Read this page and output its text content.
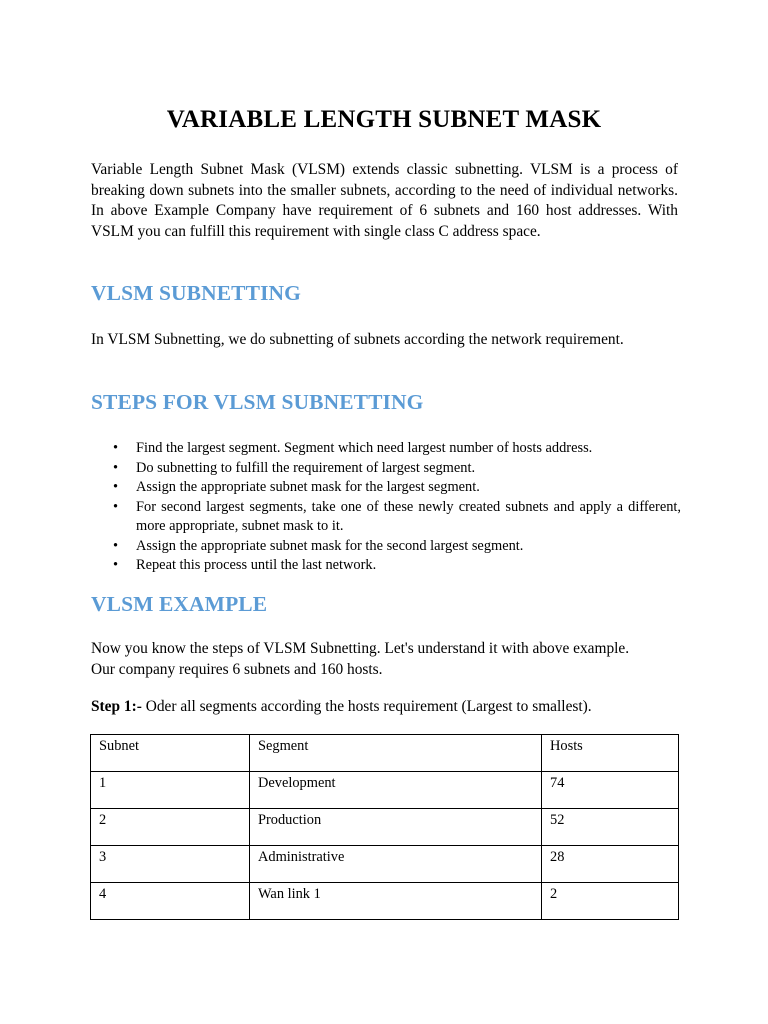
VARIABLE LENGTH SUBNET MASK
Variable Length Subnet Mask (VLSM) extends classic subnetting. VLSM is a process of breaking down subnets into the smaller subnets, according to the need of individual networks. In above Example Company have requirement of 6 subnets and 160 host addresses. With VSLM you can fulfill this requirement with single class C address space.
VLSM SUBNETTING
In VLSM Subnetting, we do subnetting of subnets according the network requirement.
STEPS FOR VLSM SUBNETTING
• Find the largest segment. Segment which need largest number of hosts address.
• Do subnetting to fulfill the requirement of largest segment.
• Assign the appropriate subnet mask for the largest segment.
• For second largest segments, take one of these newly created subnets and apply a different, more appropriate, subnet mask to it.
• Assign the appropriate subnet mask for the second largest segment.
• Repeat this process until the last network.
VLSM EXAMPLE
Now you know the steps of VLSM Subnetting. Let's understand it with above example.
Our company requires 6 subnets and 160 hosts.
Step 1:- Oder all segments according the hosts requirement (Largest to smallest).
Subnet	Segment	Hosts
1	Development	74
2	Production	52
3	Administrative	28
4	Wan link 1	2
